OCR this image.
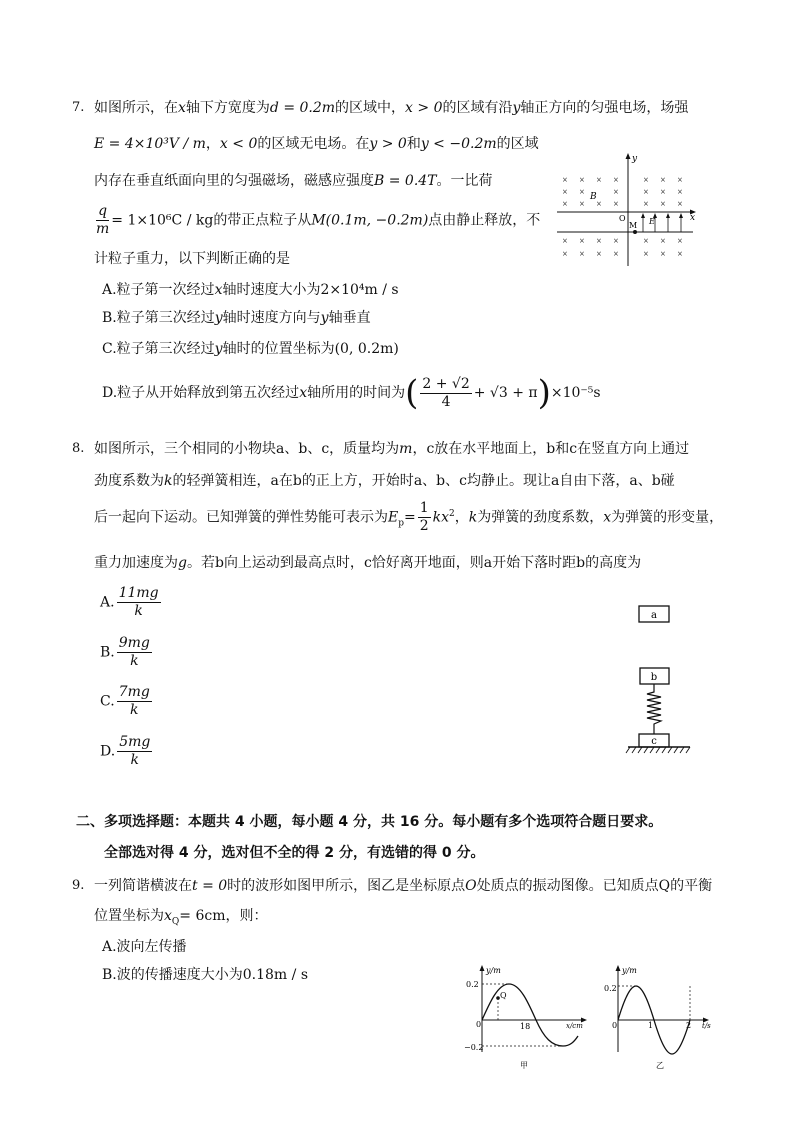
7. 如图所示，在x轴下方宽度为d = 0.2m的区域中，x > 0的区域有沿y轴正方向的匀强电场，场强
E = 4×10³V / m，x < 0的区域无电场。在y > 0和y < −0.2m的区域
内存在垂直纸面向里的匀强磁场，磁感应强度B = 0.4T。一比荷
$\frac{q}{m} = 1\times 10^6C$ / kg的带正点粒子从M(0.1m, −0.2m)点由静止释放，不
计粒子重力，以下判断正确的是
A.粒子第一次经过x轴时速度大小为2×10⁴m / s
B.粒子第三次经过y轴时速度方向与y轴垂直
C.粒子第三次经过y轴时的位置坐标为(0, 0.2m)
D.粒子从开始释放到第五次经过x轴所用的时间为( $\frac{2 + √2}{4} + √3 + \pi)\times 10^{-5}s$
× × × ×	× × ×
× ×	×	× × ×
× × × ×	× × ×
× × × ×	× × ×
× × × ×	× × ×
B
x
y
O	E
M
8. 如图所示，三个相同的小物块a、b、c，质量均为m，c放在水平地面上，b和c在竖直方向上通过
劲度系数为k的轻弹簧相连，a在b的正上方，开始时a、b、c均静止。现让a自由下落，a、b碰
后一起向下运动。已知弹簧的弹性势能可表示为$E_p= \frac{1}{2} kx^2$，k为弹簧的劲度系数，x为弹簧的形变量，
重力加速度为g。若b向上运动到最高点时，c恰好离开地面，则a开始下落时距b的高度为
A. $\frac{11mg}{k}$
B. $\frac{9mg}{k}$
C. $\frac{7mg}{k}$
D. $\frac{5mg}{k}$
a
b
c
二、多项选择题：本题共 4 小题，每小题 4 分，共 16 分。每小题有多个选项符合题日要求。
全部选对得 4 分，选对但不全的得 2 分，有选错的得 0 分。
9. 一列简谐横波在t = 0时的波形如图甲所示，图乙是坐标原点O处质点的振动图像。已知质点Q的平衡
位置坐标为$x_Q= 6cm$，则：
A.波向左传播
B.波的传播速度大小为0.18m / s	y/m
0.2
−0.2
0	18	x/cm
Q
甲
y/m
0.2
0	1	2 t/s
乙
